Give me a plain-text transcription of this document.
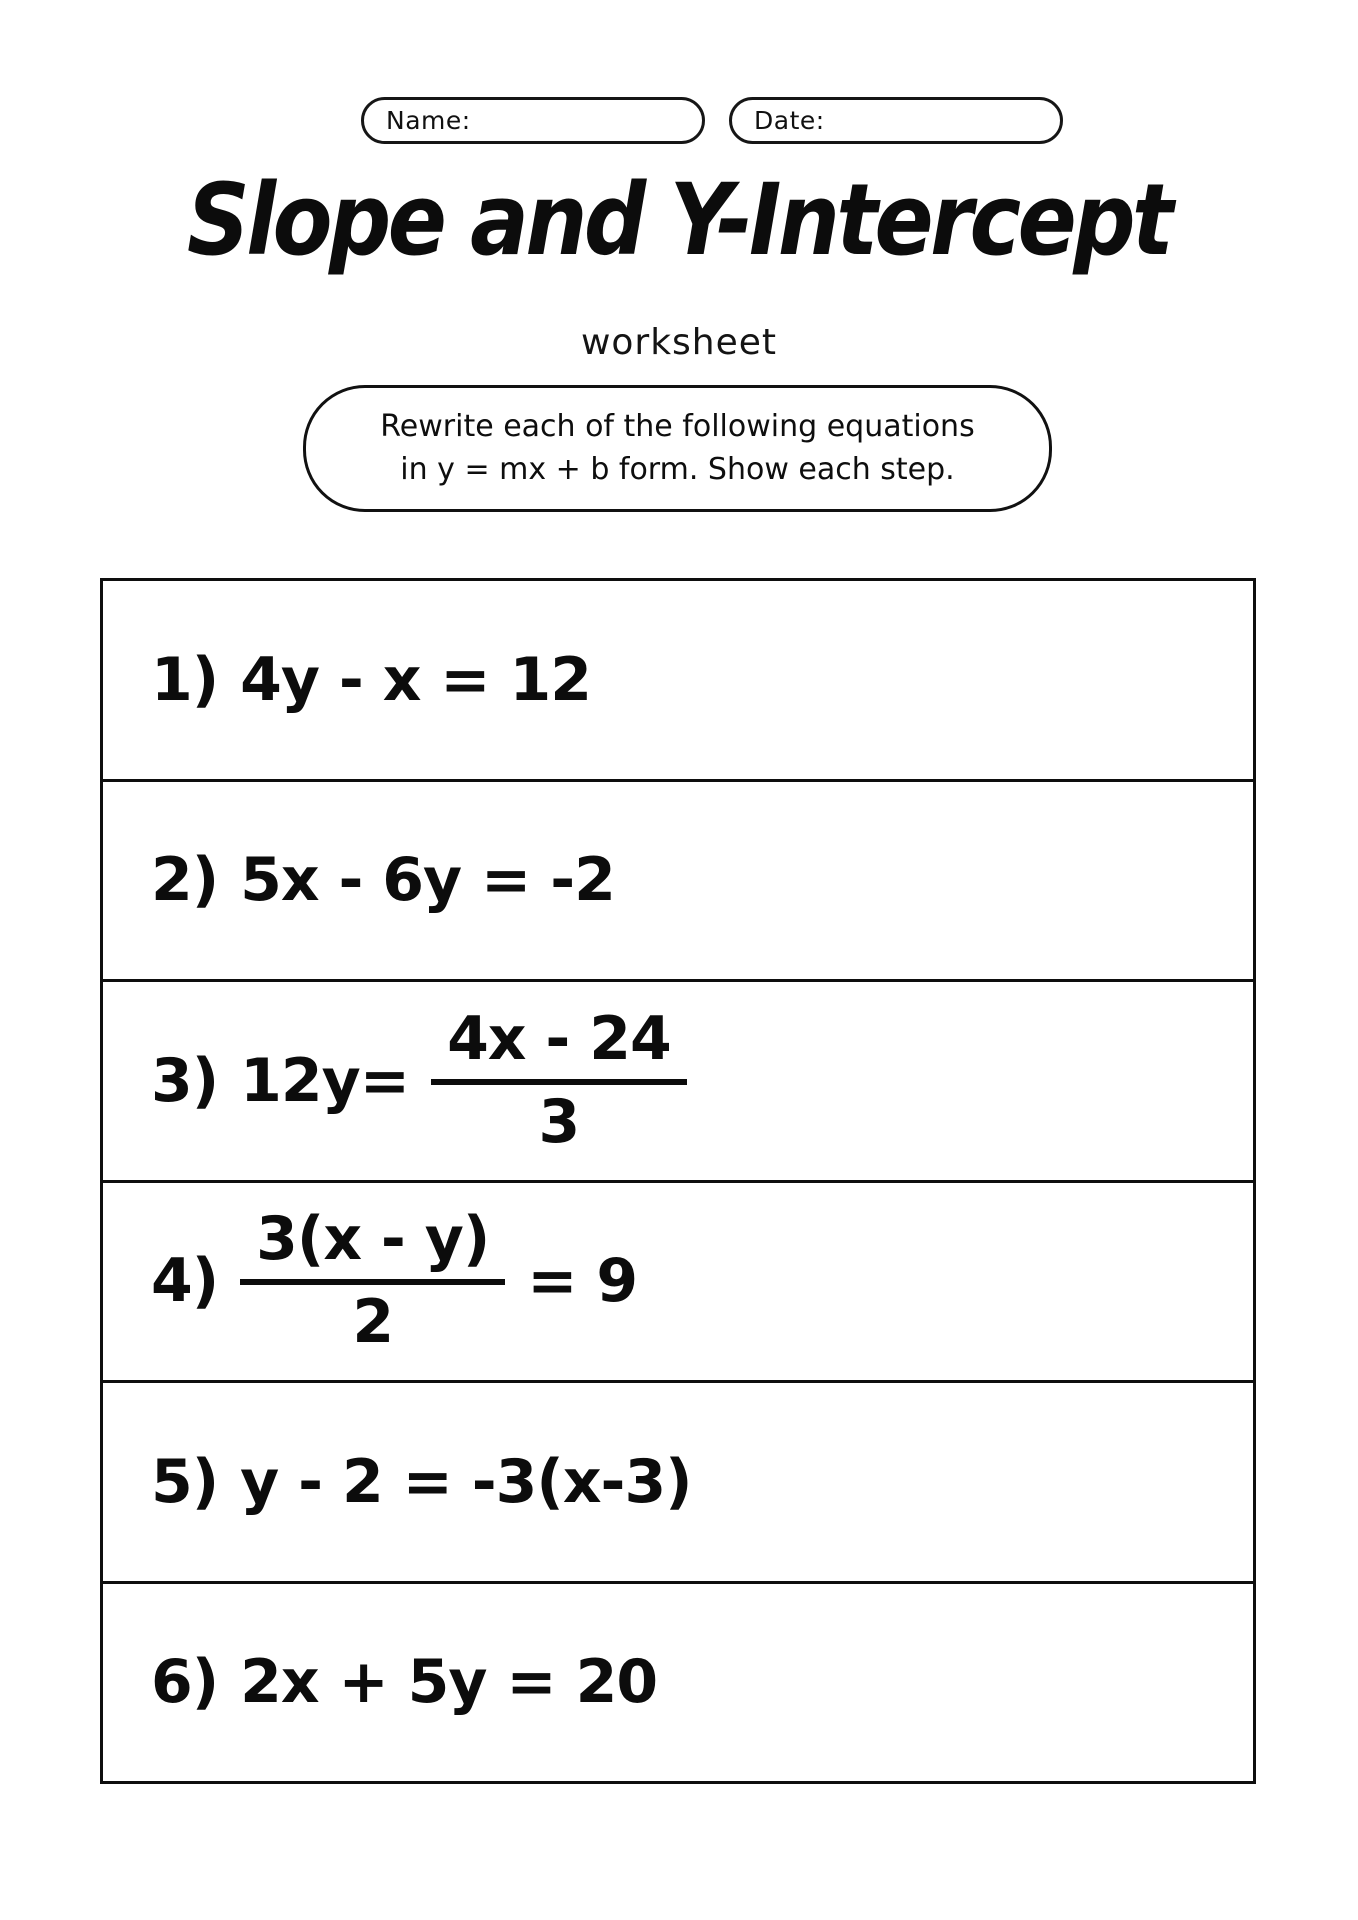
Name:	Date:
Slope and Y-Intercept
worksheet
Rewrite each of the following equations
in y = mx + b form. Show each step.
1) 4y - x = 12
2) 5x - 6y = -2
3) $12y= \frac{4x - 24}{3}$
$4) \frac{3(x - y)}{2} = 9$
5) y - 2 = -3(x-3)
6) 2x + 5y = 20
